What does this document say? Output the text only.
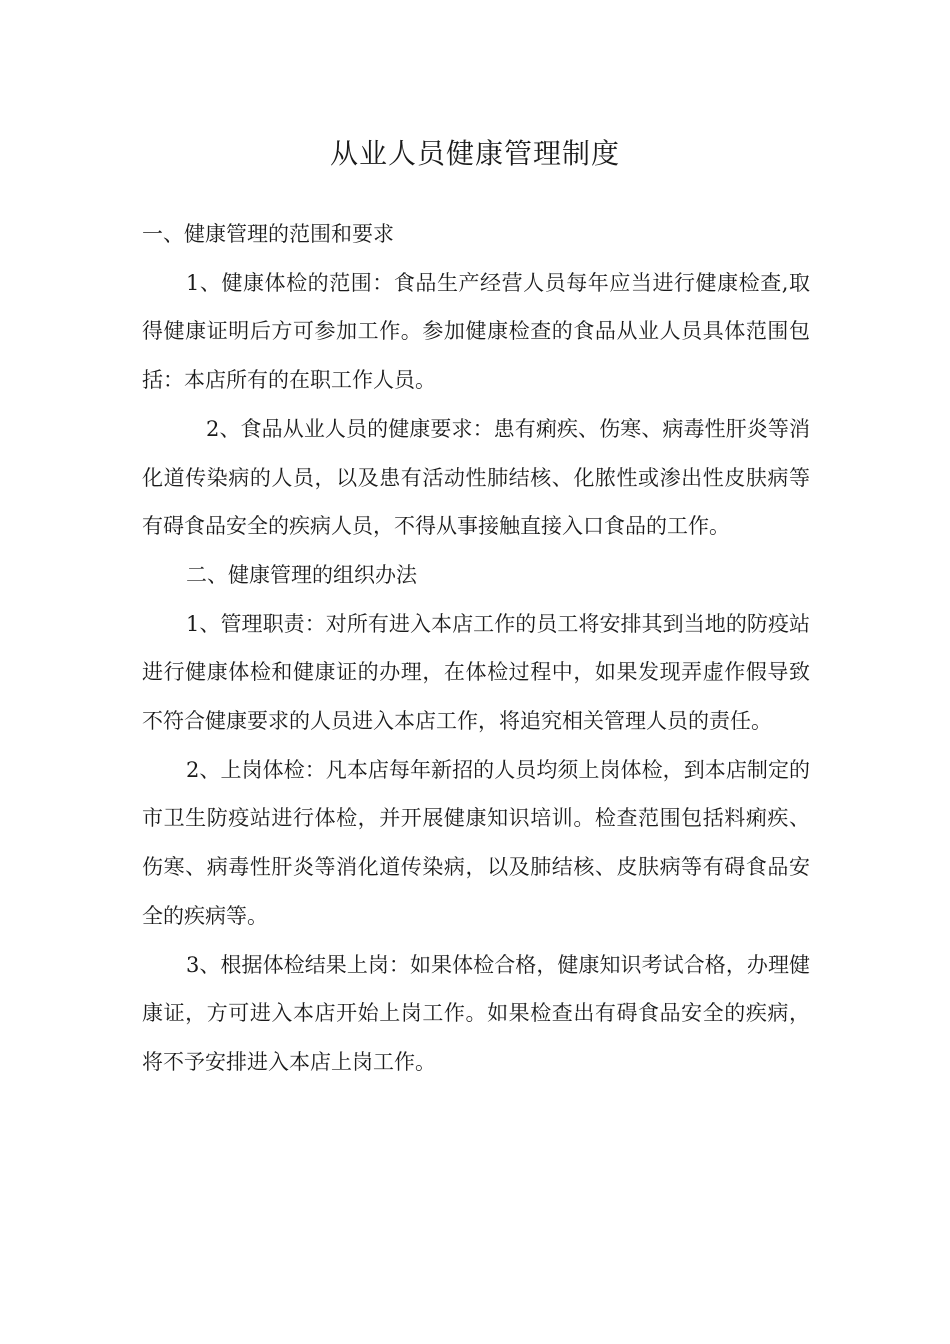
从业人员健康管理制度

一、健康管理的范围和要求

1、健康体检的范围：食品生产经营人员每年应当进行健康检查,取得健康证明后方可参加工作。参加健康检查的食品从业人员具体范围包括：本店所有的在职工作人员。

2、食品从业人员的健康要求：患有痢疾、伤寒、病毒性肝炎等消化道传染病的人员，以及患有活动性肺结核、化脓性或渗出性皮肤病等有碍食品安全的疾病人员，不得从事接触直接入口食品的工作。

二、健康管理的组织办法

1、管理职责：对所有进入本店工作的员工将安排其到当地的防疫站进行健康体检和健康证的办理，在体检过程中，如果发现弄虚作假导致不符合健康要求的人员进入本店工作，将追究相关管理人员的责任。

2、上岗体检：凡本店每年新招的人员均须上岗体检，到本店制定的市卫生防疫站进行体检，并开展健康知识培训。检查范围包括料痢疾、伤寒、病毒性肝炎等消化道传染病，以及肺结核、皮肤病等有碍食品安全的疾病等。

3、根据体检结果上岗：如果体检合格，健康知识考试合格，办理健康证，方可进入本店开始上岗工作。如果检查出有碍食品安全的疾病，将不予安排进入本店上岗工作。
